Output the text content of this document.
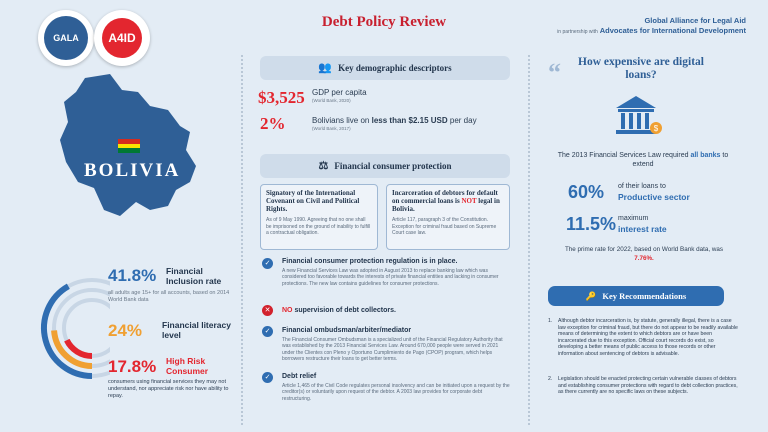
GALA	A4ID
Debt Policy Review	Global Alliance for Legal Aid
in partnership with Advocates for International Development
BOLIVIA
41.8% Financial Inclusion rate
all adults age 15+ for all accounts, based on 2014 World Bank data
24% Financial literacy level
17.8% High Risk Consumer
consumers using financial services they may not understand, nor appreciate risk nor have ability to repay.
👥 Key demographic descriptors
$3,525 GDP per capita
(World Bank, 2020)
2%	Bolivians live on less than $2.15 USD per day
(World Bank, 2017)
⚖ Financial consumer protection
Signatory of the International Covenant on Civil and Political Rights.
As of 9 May 1990. Agreeing that no one shall be imprisoned on the ground of inability to fulfill a contractual obligation.
Incarceration of debtors for default on commercial loans is NOT legal in Bolivia.
Article 117, paragraph 3 of the Constitution. Exception for criminal fraud based on Supreme Court case law.
✓	Financial consumer protection regulation is in place.
A new Financial Services Law was adopted in August 2013 to replace banking law which was considered too favorable towards the interests of private financial entities and lacking in consumer protections. The new law contains guidelines for consumer protections.
✕	NO supervision of debt collectors.
✓	Financial ombudsman/arbiter/mediator
The Financial Consumer Ombudsman is a specialized unit of the Financial Regulatory Authority that was established by the 2013 Financial Services Law. Around 670,000 people were served in 2021 under the Clientes con Pleno y Oportuno Cumplimiento de Pago (CPOP) program, which helps borrowers restructure their loans to get better terms.
✓	Debt relief
Article 1,465 of the Civil Code regulates personal insolvency and can be initiated upon a request by the creditor(s) or voluntarily upon request of the debtor. A 2003 law provides for corporate debt restructuring.
“	How expensive are digital loans?
$
The 2013 Financial Services Law required all banks to extend
60% of their loans to
Productive sector
11.5% maximum
interest rate
The prime rate for 2022, based on World Bank data, was
7.76%.
🔑 Key Recommendations
1.	Although debtor incarceration is, by statute, generally illegal, there is a case law exception for criminal fraud, but there do not appear to be readily available means of determining the extent to which debtors are or have been incarcerated due to this exception. Official court records do exist, so developing a better means of public access to those records or other information about sentencing of debtors is advisable.
2.	Legislation should be enacted protecting certain vulnerable classes of debtors and establishing consumer protections with regard to debt collection practices, as there currently are no specific laws on these subjects.
